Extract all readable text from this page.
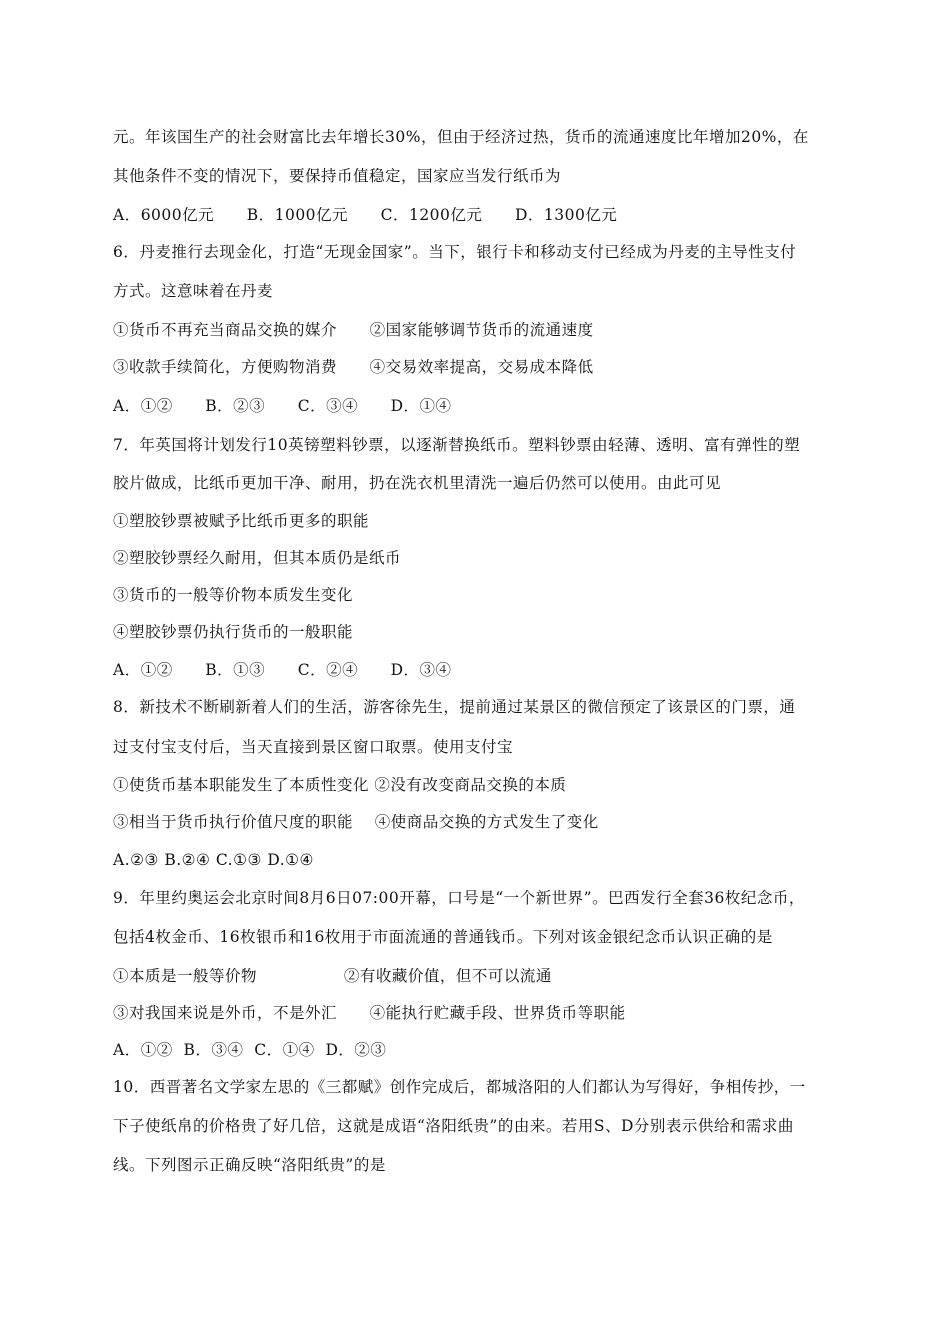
元。年该国生产的社会财富比去年增长30%，但由于经济过热，货币的流通速度比年增加20%，在
其他条件不变的情况下，要保持币值稳定，国家应当发行纸币为
A．6000亿元      B．1000亿元      C．1200亿元      D．1300亿元
6．丹麦推行去现金化，打造“无现金国家”。当下，银行卡和移动支付已经成为丹麦的主导性支付
方式。这意味着在丹麦
①货币不再充当商品交换的媒介      ②国家能够调节货币的流通速度
③收款手续简化，方便购物消费      ④交易效率提高，交易成本降低
A．①②      B．②③      C．③④      D．①④
7．年英国将计划发行10英镑塑料钞票，以逐渐替换纸币。塑料钞票由轻薄、透明、富有弹性的塑
胶片做成，比纸币更加干净、耐用，扔在洗衣机里清洗一遍后仍然可以使用。由此可见
①塑胶钞票被赋予比纸币更多的职能
②塑胶钞票经久耐用，但其本质仍是纸币
③货币的一般等价物本质发生变化
④塑胶钞票仍执行货币的一般职能
A．①②      B．①③      C．②④      D．③④
8．新技术不断刷新着人们的生活，游客徐先生，提前通过某景区的微信预定了该景区的门票，通
过支付宝支付后，当天直接到景区窗口取票。使用支付宝
①使货币基本职能发生了本质性变化 ②没有改变商品交换的本质
③相当于货币执行价值尺度的职能    ④使商品交换的方式发生了变化
A.②③ B.②④ C.①③ D.①④
9．年里约奥运会北京时间8月6日07:00开幕，口号是“一个新世界”。巴西发行全套36枚纪念币，
包括4枚金币、16枚银币和16枚用于市面流通的普通钱币。下列对该金银纪念币认识正确的是
①本质是一般等价物                ②有收藏价值，但不可以流通
③对我国来说是外币，不是外汇      ④能执行贮藏手段、世界货币等职能
A．①②  B．③④  C．①④  D．②③
10．西晋著名文学家左思的《三都赋》创作完成后，都城洛阳的人们都认为写得好，争相传抄，一
下子使纸帛的价格贵了好几倍，这就是成语“洛阳纸贵”的由来。若用S、D分别表示供给和需求曲
线。下列图示正确反映“洛阳纸贵”的是
